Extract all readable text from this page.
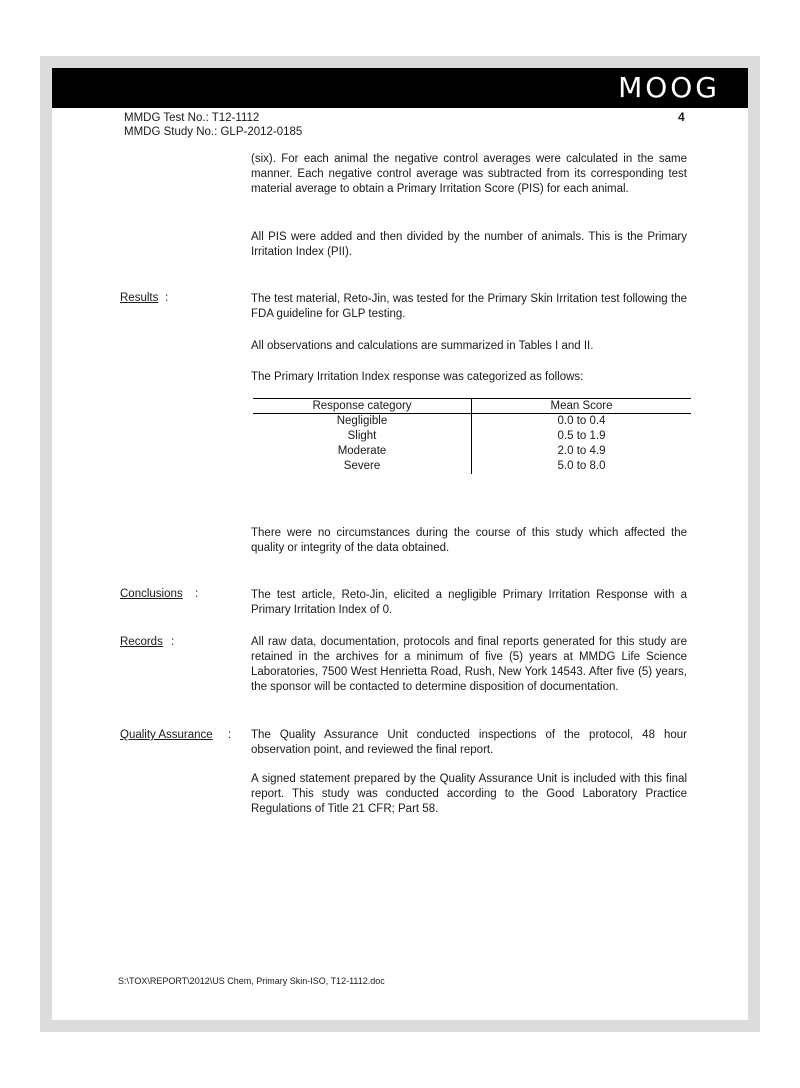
MOOG
MMDG Test No.: T12-1112
MMDG Study No.: GLP-2012-0185
4
(six). For each animal the negative control averages were calculated in the same manner. Each negative control average was subtracted from its corresponding test material average to obtain a Primary Irritation Score (PIS) for each animal.
All PIS were added and then divided by the number of animals. This is the Primary Irritation Index (PII).
Results :	The test material, Reto-Jin, was tested for the Primary Skin Irritation test following the FDA guideline for GLP testing.
All observations and calculations are summarized in Tables I and II.
The Primary Irritation Index response was categorized as follows:
Response category	Mean Score
Negligible	0.0 to 0.4
Slight	0.5 to 1.9
Moderate	2.0 to 4.9
Severe	5.0 to 8.0
There were no circumstances during the course of this study which affected the quality or integrity of the data obtained.
Conclusions :	The test article, Reto-Jin, elicited a negligible Primary Irritation Response with a Primary Irritation Index of 0.
Records :	All raw data, documentation, protocols and final reports generated for this study are retained in the archives for a minimum of five (5) years at MMDG Life Science Laboratories, 7500 West Henrietta Road, Rush, New York 14543. After five (5) years, the sponsor will be contacted to determine disposition of documentation.
Quality Assurance : The Quality Assurance Unit conducted inspections of the protocol, 48 hour observation point, and reviewed the final report.
A signed statement prepared by the Quality Assurance Unit is included with this final report. This study was conducted according to the Good Laboratory Practice Regulations of Title 21 CFR; Part 58.
S:\TOX\REPORT\2012\US Chem, Primary Skin-ISO, T12-1112.doc
